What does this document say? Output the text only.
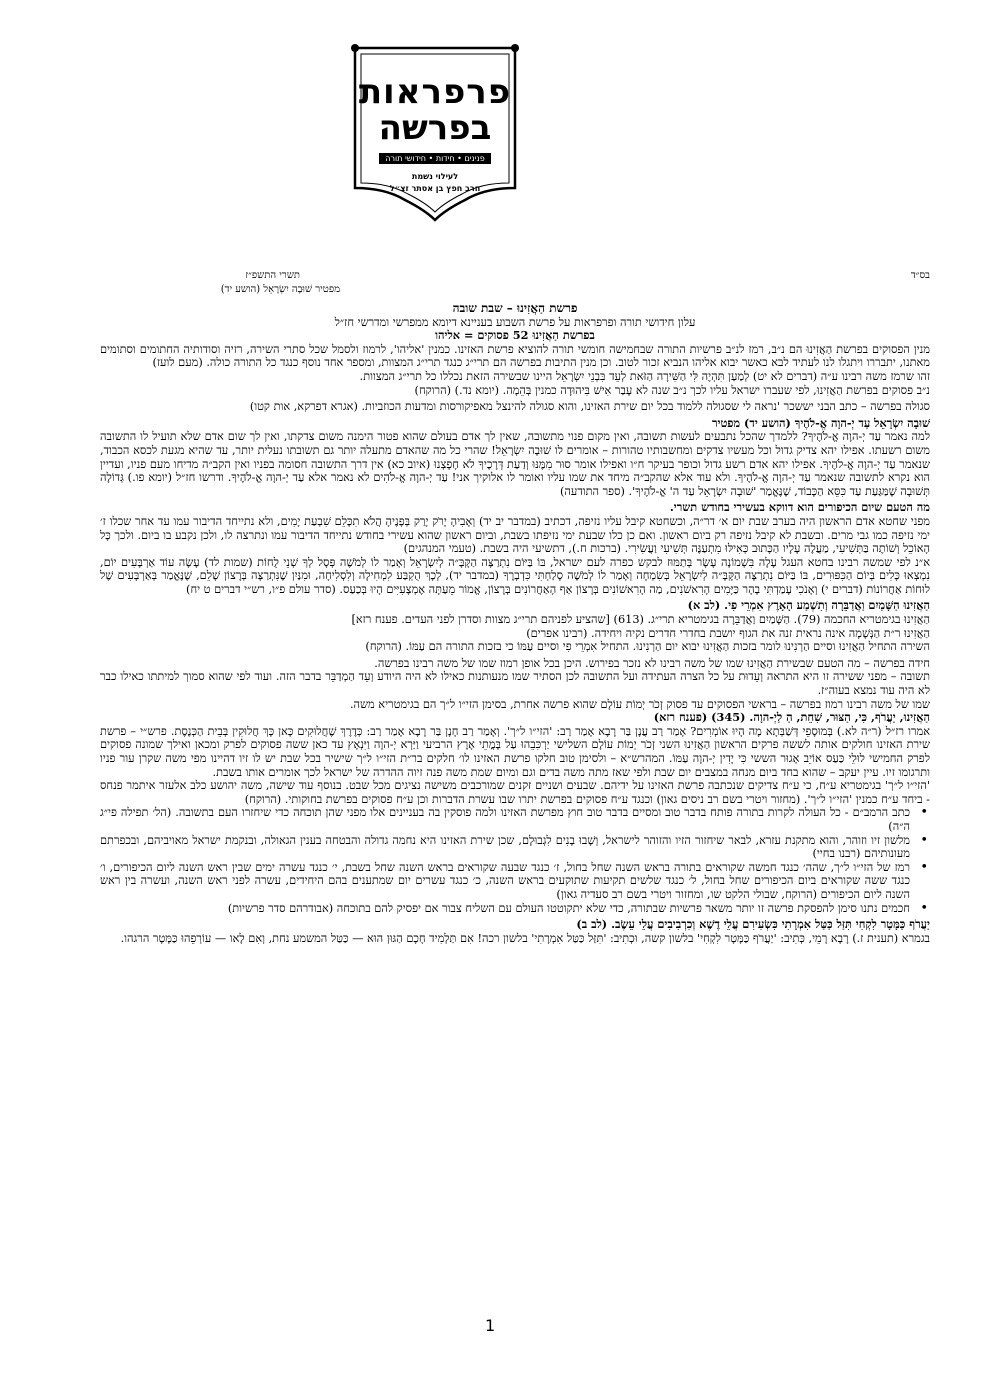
פרפראות
בפרשה
פנינים • חידות • חידושי תורה
לעילוי נשמת
הרב חפץ בן אסתר זצ״ל
בס״ד
תשרי התשפ״ז
מפטיר שׁוּבָה יִשְׂרָאֵל (הושע יד)

פרשת הַאֲזִינוּ – שבת שובה

עלון חידושי תורה ופרפראות על פרשת השבוע בעניינא דיומא ממפרשי ומדרשי חז״ל

בפרשת הַאֲזִינוּ 52 פסוקים = אליהו

מנין הפסוקים בפרשת הַאֲזִינוּ הם נ״ב, רמז לנ״ב פרשיות התורה שבחמישה חומשי תורה להוציא פרשת האזינו. כמנין 'אליהו', לרמוז ולסמל שכל סתרי השירה, רזיה וסודותיה החתומים וסתומים מאתנו, יתבררו ויתגלו לנו לעתיד לבא כאשר יבוא אליהו הנביא זכור לטוב. וכן מנין התיבות בפרשה הם תרי״ג כנגד תרי״ג המצוות, ומספר אחד נוסף כנגד כל התורה כולה. (מעם לועז)

זהו שרמז משה רבינו ע״ה (דברים לא יט) לְמַעַן תִּהְיֶה לִּי הַשִּׁירָה הַזֹּאת לְעֵד בִּבְנֵי יִשְׂרָאֵל היינו שבשירה הזאת נכללו כל תרי״ג המצוות.

נ״ב פסוקים בפרשת הַאֲזִינוּ, לפי שעברו ישראל עליו לכך נ״ב שנה לא עָבַר אִישׁ בִּיהוּדָה כמנין בְּהֵמָה. (יומא נד.) (הרוקח)

סגולה בפרשה – כתב הבני יששכר 'נראה לי שסגולה ללמוד בכל יום שירת האזינו, והוא סגולה להינצל מאפיקורסות ומדעות הכוזביות. (אגרא דפרקא, אות קטו)

שׁוּבָה יִשְׂרָאֵל עַד יְ-הוָה אֱ-לֹהֶיךָ (הושע יד) מפטיר

למה נאמר עַד יְ-הוָה אֱ-לֹהֶיךָ? ללמדך שהכל נתבעים לעשות תשובה, ואין מקום פנוי מתשובה, שאין לך אדם בעולם שהוא פטור הימנה משום צדקתו, ואין לך שום אדם שלא תועיל לו התשובה משום רשעתו. אפילו יהא צדיק גדול וכל מעשיו צדקים ומחשבותיו טהורות – אומרים לו שׁוּבָה יִשְׂרָאֵל! שהרי כל מה שהאדם מתעלה יותר גם תשובתו נעלית יותר, עד שהיא מגעת לכסא הכבוד, שנאמר עַד יְ-הוָה אֱ-לֹהֶיךָ. אפילו יהא אדם רשע גדול וכופר בעיקר ח״ו ואפילו אומר סוּר מִמֶּנּוּ וְדַעַת דְּרָכֶיךָ לֹא חָפָצְנוּ (איוב כא) אין דרך התשובה חסומה בפניו ואין הקב״ה מדיחו מעם פניו, ועדיין הוא נקרא לתשובה שנאמר עַד יְ-הוָה אֱ-לֹהֶיךָ. ולא עוד אלא שהקב״ה מיחד את שמו עליו ואומר לו אלוקיך אני! עַד יְ-הוָה אֱ-לֹהִים לא נאמר אלא עַד יְ-הוָה אֱ-לֹהֶיךָ. ודרשו חז״ל (יומא פו.) גְּדוֹלָה תְּשׁוּבָה שֶׁמַּגַּעַת עַד כִּסֵּא הַכָּבוֹד, שֶׁנֶּאֱמַר 'שׁוּבָה יִשְׂרָאֵל עַד ה' אֱ-לֹהֶיךָ'. (ספר התודעה)

מה הטעם שיום הכיפורים הוא דווקא בעשירי בחודש תשרי.

מפני שחטא אדם הראשון היה בערב שבת יום א׳ דר״ה, וכשחטא קיבל עליו נזיפה, דכתיב (במדבר יב יד) וְאָבִיהָ יָרֹק יָרַק בְּפָנֶיהָ הֲלֹא תִכָּלֵם שִׁבְעַת יָמִים, ולא נתייחד הדיבור עמו עד אחר שכלו ז׳ ימי נזיפה כמו גבי מרים. ובשבת לא קיבל נזיפה רק ביום ראשון. ואם כן כלו שבעת ימי נזיפתו בשבת, וביום ראשון שהוא עשירי בחודש נתייחד הדיבור עמו ונתרצה לו, ולכן נקבע בו ביום. ולכך כָּל הָאוֹכֵל וְשׁוֹתֶה בַּתְּשִׁיעִי, מַעֲלֶה עָלָיו הַכָּתוּב כְּאִילּוּ מִתְעַנֶּה תְּשִׁיעִי וַעֲשִׂירִי. (ברכות ח.), דתשיעי היה בשבת. (טעמי המנהגים)

א״נ לפי שמשה רבינו בחטא העגל עָלָה בִּשְׁמוֹנָה עָשָׂר בְּתַמּוּז לבקש כפרה לעם ישראל, בּוֹ בַּיּוֹם נִתְרַצָּה הַקָּבָּ״ה לְיִשְׂרָאֵל וְאָמַר לוֹ לְמֹשֶׁה פְּסָל לְךָ שְׁנֵי לֻחוֹת (שמות לד) עָשָׂה עוֹד אַרְבָּעִים יוֹם, נִמְצְאוּ כָּלִים בְּיוֹם הַכִּפּוּרִים, בּוֹ בַּיּוֹם נִתְרַצָּה הַקָּבָּ״ה לְיִשְׂרָאֵל בְּשִׂמְחָה וְאָמַר לוֹ לְמֹשֶׁה סָלַחְתִּי כִּדְבָרֶךָ (במדבר יד), לְכָךְ הֻקְבַּע לִמְחִילָה וְלִסְלִיחָה, וּמִנַּיִן שֶׁנִּתְרַצָּה בְּרָצוֹן שָׁלֵם, שֶׁנֶּאֱמַר בְּאַרְבָּעִים שֶׁל לוּחוֹת אַחֲרוֹנוֹת (דברים י) וְאָנֹכִי עָמַדְתִּי בָהָר כַּיָּמִים הָרִאשֹׁנִים, מַה הָרִאשׁוֹנִים בְּרָצוֹן אַף הָאַחֲרוֹנִים בְּרָצוֹן, אֱמוֹר מֵעַתָּה אֶמְצָעִיִּים הָיוּ בְּכַעַס. (סדר עולם פ״ו, רש״י דברים ט יח)

הַאֲזִינוּ הַשָּׁמַיִם וַאֲדַבֵּרָה וְתִשְׁמַע הָאָרֶץ אִמְרֵי פִי. (לב א)

הַאֲזִינוּ בגימטריא החכמה (79). הַשָּׁמַיִם וַאֲדַבֵּרָה בגימטריא תרי״ג. (613) [שהציע לפניהם תרי״ג מצוות וסדרן לפני העדים. פענח רזא]

הַאֲזִינוּ ר״ת הַנְּשָׁמָה אינה נראית זנה את הגוף יושבת בחדרי חדרים נקיה ויחידה. (רבינו אפרים)

השירה התחיל הַאֲזִינוּ וסיים הַרְנִינוּ לומר בזכות הַאֲזִינוּ יבוא יום הַרְנִינוּ. התחיל אִמְרֵי פִי וסיים עַמּוֹ כי בזכות התורה הם עַמּוֹ. (הרוקח)

חידה בפרשה – מה הטעם שבשירת הַאֲזִינוּ שמו של משה רבינו לא נזכר בפירוש. היכן בכל אופן רמוז שמו של משה רבינו בפרשה.

תשובה – מפני ששירה זו היא התראה וְעֵדוּת על כל הצרה העתידה ועל התשובה לכן הסתיר שמו מנעותנות כאילו לא היה היודע וְעֵד הַמְדַבֵּר בדבר הזה. ועוד לפי שהוא סמוך למיתתו כאילו כבר לא היה עוד נמצא בעוה״ז.

שמו של משה רבינו רמוז בפרשה – בראשי הפסוקים עד פסוק זְכֹר יְמוֹת עוֹלָם שהוא פרשה אחרת, בסימן הזי״ו ל״ך הם בגימטריא משה.

הַאֲזִינוּ, יַעֲרֹף, כִּי, הַצּוּר, שִׁחֵת, הַ לַיְ-הוָה. (345) (פענח רזא)

אמרו רז״ל (ר״ה לא.) בְּמוּסָפֵי דְּשַׁבְּתָא מָה הָיוּ אוֹמְרִים? אָמַר רַב עֲנָן בַּר רָבָא אָמַר רַב: 'הזי״ו ל״ך'. וְאָמַר רַב חָנָן בַּר רָבָא אָמַר רַב: כְּדֶרֶךְ שֶׁחֲלוּקִים כָּאן כָּךְ חֲלוּקִין בְּבֵית הַכְּנֶסֶת. פרש״י – פרשת שירת האזינו חולקים אותה לששה פרקים הראשון הַאֲזִינוּ השני זְכֹר יְמוֹת עוֹלָם השלישי יַרְכִּבֵהוּ עַל בָּמֳתֵי אָרֶץ הרביעי וַיַּרְא יְ-הוָה וַיִּנְאָץ עד כאן ששה פסוקים לפרק ומכאן ואילך שמונה פסוקים לפרק החמישי לוּלֵי כַּעַס אוֹיֵב אָגוּר הששי כִּי יָדִין יְ-הוָה עַמּוֹ. המהרש״א – ולסימן טוב חלקו פרשת האזינו לו׳ חלקים בר״ת הזי״ו ל״ך שישיר בכל שבת יש לו זיו דהיינו מפי משה שקרן עור פניו ותרגומו זיו. עיין יעקב – שהוא בחד ביום מנחה במצבים יום שבת ולפי שאז מתה משה בדים וגם ומיום שמת משה פנה זיוה ההדרה של ישראל לכך אומרים אותו בשבת.

'הזי״ו ל״ך' בגימטריא ע״ח, כי ע״ח צדיקים שנכתבה פרשת האזינו על ידיהם. שבעים ושניים זקנים שמורכבים משישה נציגים מכל שבט. בנוסף עוד שישה, משה יהושע כלב אלעזר איתמר פנחס - ביחד ע״ח כמנין 'הזי״ו ל״ך'. (מחזור ויטרי בשם רב ניסים גאון) וכנגד ע״ח פסוקים בפרשת יתרו שבו עשרת הדברות וכן ע״ח פסוקים בפרשת בחוקותי. (הרוקח)

• כתב הרמב״ם - כל העולה לקרות בתורה פותח בדבר טוב ומסיים בדבר טוב חוץ מפרשת האזינו ולמה פוסקין בה בעניינים אלו מפני שהן תוכחה כדי שיחזרו העם בתשובה. (הל׳ תפילה פי״ג ה״ה)
• מלשון זיו וזוהר, והוא מתקנת עזרא, לבאר שיחזור הזיו והזוהר לישראל, וְשָׁבוּ בָנִים לִגְבוּלָם, שכן שירת האזינו היא נחמה גדולה והבטחה בענין הגאולה, ובנקמת ישראל מאויביהם, ובכפרתם מעונותיהם (רבנו בחיי)
• רמז של הזי״ו ל״ך, שהה׳ כנגד חמשה שקוראים בתורה בראש השנה שחל בחול, ז׳ כנגד שבעה שקוראים בראש השנה שחל בשבת, י׳ כנגד עשרה ימים שבין ראש השנה ליום הכיפורים, ו׳ כנגד ששה שקוראים ביום הכיפורים שחל בחול, ל׳ כנגד שלשים תקיעות שתוקעים בראש השנה, כ׳ כנגד עשרים יום שמתענים בהם היחידים, עשרה לפני ראש השנה, ועשרה בין ראש השנה ליום הכיפורים (הרוקח, שבולי הלקט שו, ומחזור ויטרי בשם רב סעדיה גאון)
• חכמים נתנו סימן להפסקת פרשה זו יותר משאר פרשיות שבתורה, כדי שלא יתקוטטו העולם עם השליח צבור אם יפסיק להם בתוכחה (אבודרהם סדר פרשיות)

יַעֲרֹף כַּמָּטָר לִקְחִי תִּזַּל כַּטַּל אִמְרָתִי כִּשְׂעִירִם עֲלֵי דֶשֶׁא וְכִרְבִיבִים עֲלֵי עֵשֶׂב. (לב ב)

בגמרא (תענית ז.) רָבָא רָמֵי, כְּתִיב: 'יַעֲרֹף כַּמָּטָר לִקְחִי' בלשון קשה, וּכְתִיב: 'תִּזַּל כַּטַּל אִמְרָתִי' בלשון רכה! אִם תַּלְמִיד חָכָם הַגּוּן הוּא — כַּטַּל המשמע נחת, וְאִם לָאו — עוֹרְפֵהוּ כַּמָּטָר הרגהו.

1
